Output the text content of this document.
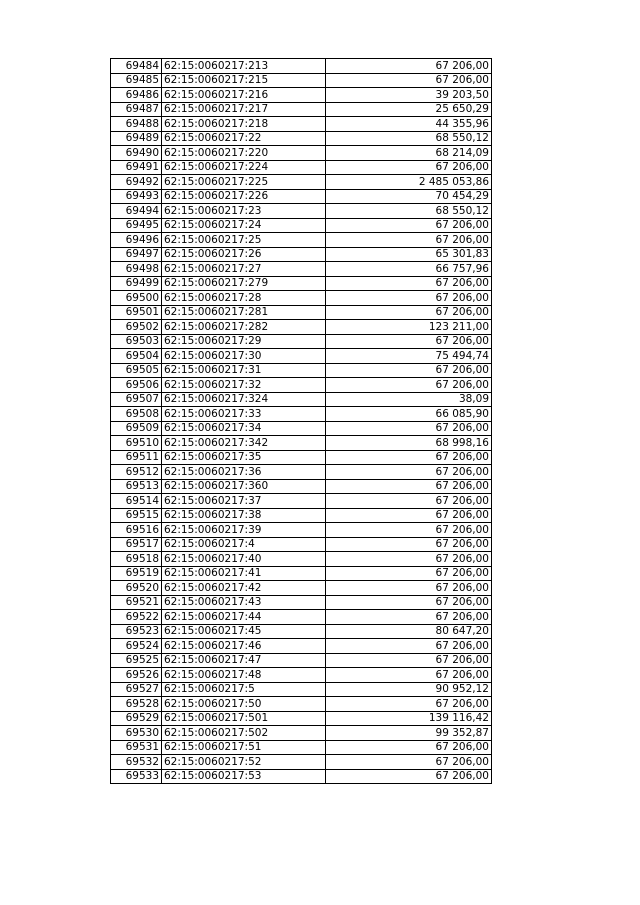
69484	62:15:0060217:213	67 206,00
69485	62:15:0060217:215	67 206,00
69486	62:15:0060217:216	39 203,50
69487	62:15:0060217:217	25 650,29
69488	62:15:0060217:218	44 355,96
69489	62:15:0060217:22	68 550,12
69490	62:15:0060217:220	68 214,09
69491	62:15:0060217:224	67 206,00
69492	62:15:0060217:225	2 485 053,86
69493	62:15:0060217:226	70 454,29
69494	62:15:0060217:23	68 550,12
69495	62:15:0060217:24	67 206,00
69496	62:15:0060217:25	67 206,00
69497	62:15:0060217:26	65 301,83
69498	62:15:0060217:27	66 757,96
69499	62:15:0060217:279	67 206,00
69500	62:15:0060217:28	67 206,00
69501	62:15:0060217:281	67 206,00
69502	62:15:0060217:282	123 211,00
69503	62:15:0060217:29	67 206,00
69504	62:15:0060217:30	75 494,74
69505	62:15:0060217:31	67 206,00
69506	62:15:0060217:32	67 206,00
69507	62:15:0060217:324	38,09
69508	62:15:0060217:33	66 085,90
69509	62:15:0060217:34	67 206,00
69510	62:15:0060217:342	68 998,16
69511	62:15:0060217:35	67 206,00
69512	62:15:0060217:36	67 206,00
69513	62:15:0060217:360	67 206,00
69514	62:15:0060217:37	67 206,00
69515	62:15:0060217:38	67 206,00
69516	62:15:0060217:39	67 206,00
69517	62:15:0060217:4	67 206,00
69518	62:15:0060217:40	67 206,00
69519	62:15:0060217:41	67 206,00
69520	62:15:0060217:42	67 206,00
69521	62:15:0060217:43	67 206,00
69522	62:15:0060217:44	67 206,00
69523	62:15:0060217:45	80 647,20
69524	62:15:0060217:46	67 206,00
69525	62:15:0060217:47	67 206,00
69526	62:15:0060217:48	67 206,00
69527	62:15:0060217:5	90 952,12
69528	62:15:0060217:50	67 206,00
69529	62:15:0060217:501	139 116,42
69530	62:15:0060217:502	99 352,87
69531	62:15:0060217:51	67 206,00
69532	62:15:0060217:52	67 206,00
69533	62:15:0060217:53	67 206,00
